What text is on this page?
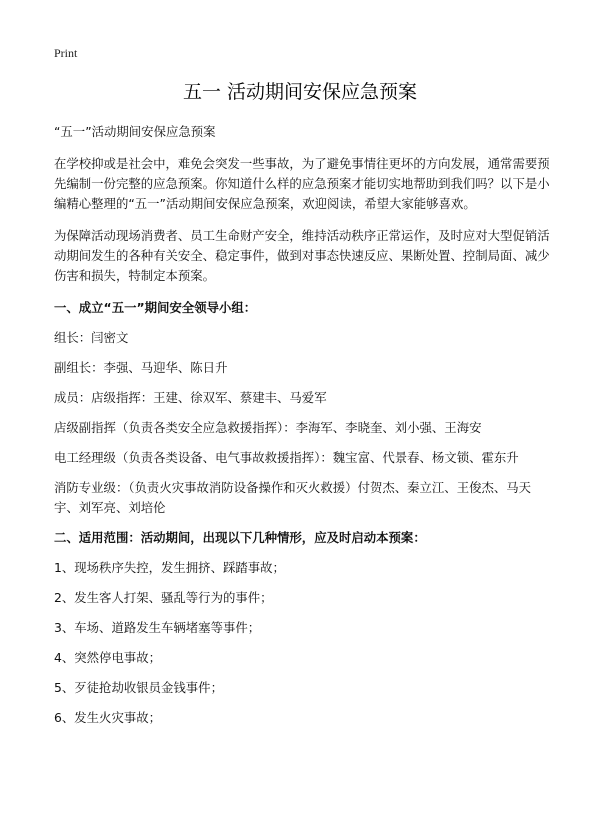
Print
五一 活动期间安保应急预案

“五一”活动期间安保应急预案

在学校抑或是社会中，难免会突发一些事故，为了避免事情往更坏的方向发展，通常需要预先编制一份完整的应急预案。你知道什么样的应急预案才能切实地帮助到我们吗？以下是小编精心整理的“五一”活动期间安保应急预案，欢迎阅读，希望大家能够喜欢。

为保障活动现场消费者、员工生命财产安全，维持活动秩序正常运作，及时应对大型促销活动期间发生的各种有关安全、稳定事件，做到对事态快速反应、果断处置、控制局面、减少伤害和损失，特制定本预案。

一、成立“五一”期间安全领导小组：

组长：闫密文

副组长：李强、马迎华、陈日升

成员：店级指挥：王建、徐双军、蔡建丰、马爱军

店级副指挥（负责各类安全应急救援指挥）：李海军、李晓奎、刘小强、王海安

电工经理级（负责各类设备、电气事故救援指挥）：魏宝富、代景春、杨文锁、霍东升

消防专业级：（负责火灾事故消防设备操作和灭火救援）付贺杰、秦立江、王俊杰、马天宇、刘军亮、刘培伦

二、适用范围：活动期间，出现以下几种情形，应及时启动本预案：

1、现场秩序失控，发生拥挤、踩踏事故；

2、发生客人打架、骚乱等行为的事件；

3、车场、道路发生车辆堵塞等事件；

4、突然停电事故；

5、歹徒抢劫收银员金钱事件；

6、发生火灾事故；
